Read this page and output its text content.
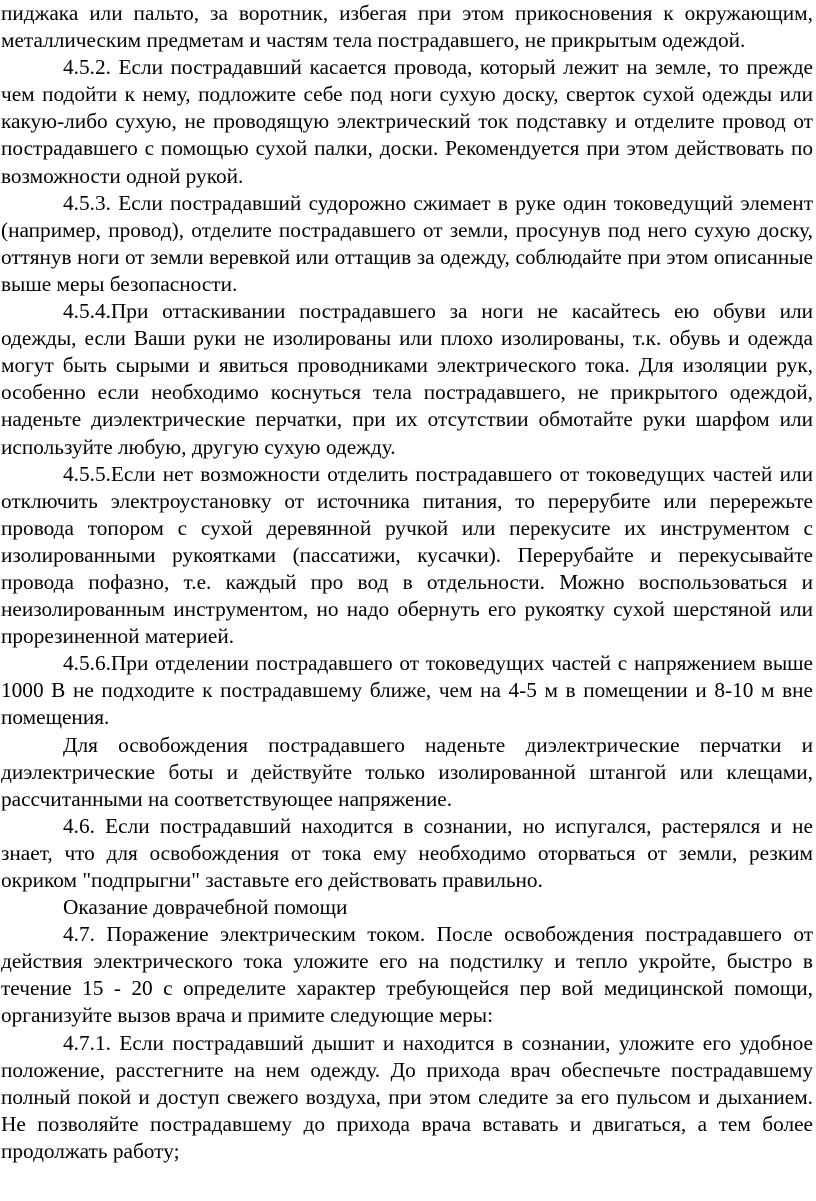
пиджака или пальто, за воротник, избегая при этом прикосновения к окружающим, металлическим предметам и частям тела пострадавшего, не прикрытым одеждой.

4.5.2. Если пострадавший касается провода, который лежит на земле, то прежде чем подойти к нему, подложите себе под ноги сухую доску, сверток сухой одежды или какую-либо сухую, не проводящую электрический ток подставку и отделите провод от пострадавшего с помощью сухой палки, доски. Рекомендуется при этом действовать по возможности одной рукой.

4.5.3. Если пострадавший судорожно сжимает в руке один токоведущий элемент (например, провод), отделите пострадавшего от земли, просунув под него сухую доску, оттянув ноги от земли веревкой или оттащив за одежду, соблюдайте при этом описанные выше меры безопасности.

4.5.4.При оттаскивании пострадавшего за ноги не касайтесь ею обуви или одежды, если Ваши руки не изолированы или плохо изолированы, т.к. обувь и одежда могут быть сырыми и явиться проводниками электрического тока. Для изоляции рук, особенно если необходимо коснуться тела пострадавшего, не прикрытого одеждой, наденьте диэлектрические перчатки, при их отсутствии обмотайте руки шарфом или используйте любую, другую сухую одежду.

4.5.5.Если нет возможности отделить пострадавшего от токоведущих частей или отключить электроустановку от источника питания, то перерубите или перережьте провода топором с сухой деревянной ручкой или перекусите их инструментом с изолированными рукоятками (пассатижи, кусачки). Перерубайте и перекусывайте провода пофазно, т.е. каждый про вод в отдельности. Можно воспользоваться и неизолированным инструментом, но надо обернуть его рукоятку сухой шерстяной или прорезиненной материей.

4.5.6.При отделении пострадавшего от токоведущих частей с напряжением выше 1000 В не подходите к пострадавшему ближе, чем на 4-5 м в помещении и 8-10 м вне помещения.

Для освобождения пострадавшего наденьте диэлектрические перчатки и диэлектрические боты и действуйте только изолированной штангой или клещами, рассчитанными на соответствующее напряжение.

4.6. Если пострадавший находится в сознании, но испугался, растерялся и не знает, что для освобождения от тока ему необходимо оторваться от земли, резким окриком "подпрыгни" заставьте его действовать правильно.

Оказание доврачебной помощи

4.7. Поражение электрическим током. После освобождения пострадавшего от действия электрического тока уложите его на подстилку и тепло укройте, быстро в течение 15 - 20 с определите характер требующейся пер вой медицинской помощи, организуйте вызов врача и примите следующие меры:

4.7.1. Если пострадавший дышит и находится в сознании, уложите его удобное положение, расстегните на нем одежду. До прихода врач обеспечьте пострадавшему полный покой и доступ свежего воздуха, при этом следите за его пульсом и дыханием. Не позволяйте пострадавшему до прихода врача вставать и двигаться, а тем более продолжать работу;
